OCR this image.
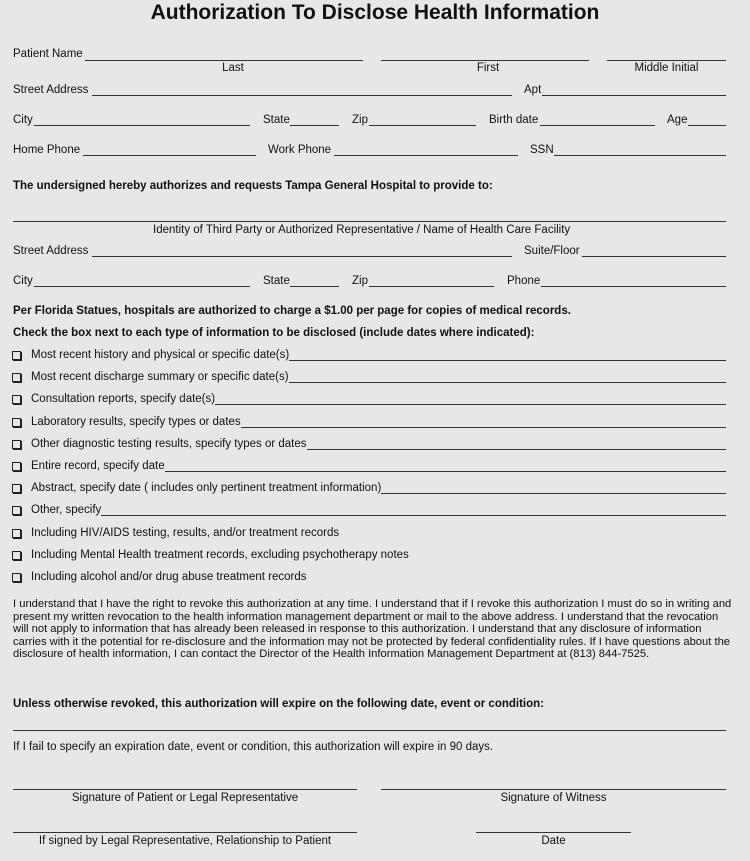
Authorization To Disclose Health Information
Patient Name
Last	First	Middle Initial
Street Address	Apt
City	State	Zip	Birth date	Age
Home Phone	Work Phone	SSN
The undersigned hereby authorizes and requests Tampa General Hospital to provide to:
Identity of Third Party or Authorized Representative / Name of Health Care Facility
Street Address	Suite/Floor
City	State	Zip	Phone
Per Florida Statues, hospitals are authorized to charge a $1.00 per page for copies of medical records.
Check the box next to each type of information to be disclosed (include dates where indicated):
Most recent history and physical or specific date(s)
Most recent discharge summary or specific date(s)
Consultation reports, specify date(s)
Laboratory results, specify types or dates
Other diagnostic testing results, specify types or dates
Entire record, specify date
Abstract, specify date ( includes only pertinent treatment information)
Other, specify
Including HIV/AIDS testing, results, and/or treatment records
Including Mental Health treatment records, excluding psychotherapy notes
Including alcohol and/or drug abuse treatment records
I understand that I have the right to revoke this authorization at any time. I understand that if I revoke this authorization I must do so in writing and present my written revocation to the health information management department or mail to the above address. I understand that the revocation will not apply to information that has already been released in response to this authorization. I understand that any disclosure of information carries with it the potential for re-disclosure and the information may not be protected by federal confidentiality rules. If I have questions about the disclosure of health information, I can contact the Director of the Health Information Management Department at (813) 844-7525.
Unless otherwise revoked, this authorization will expire on the following date, event or condition:
If I fail to specify an expiration date, event or condition, this authorization will expire in 90 days.
Signature of Patient or Legal Representative	Signature of Witness
If signed by Legal Representative, Relationship to Patient	Date
